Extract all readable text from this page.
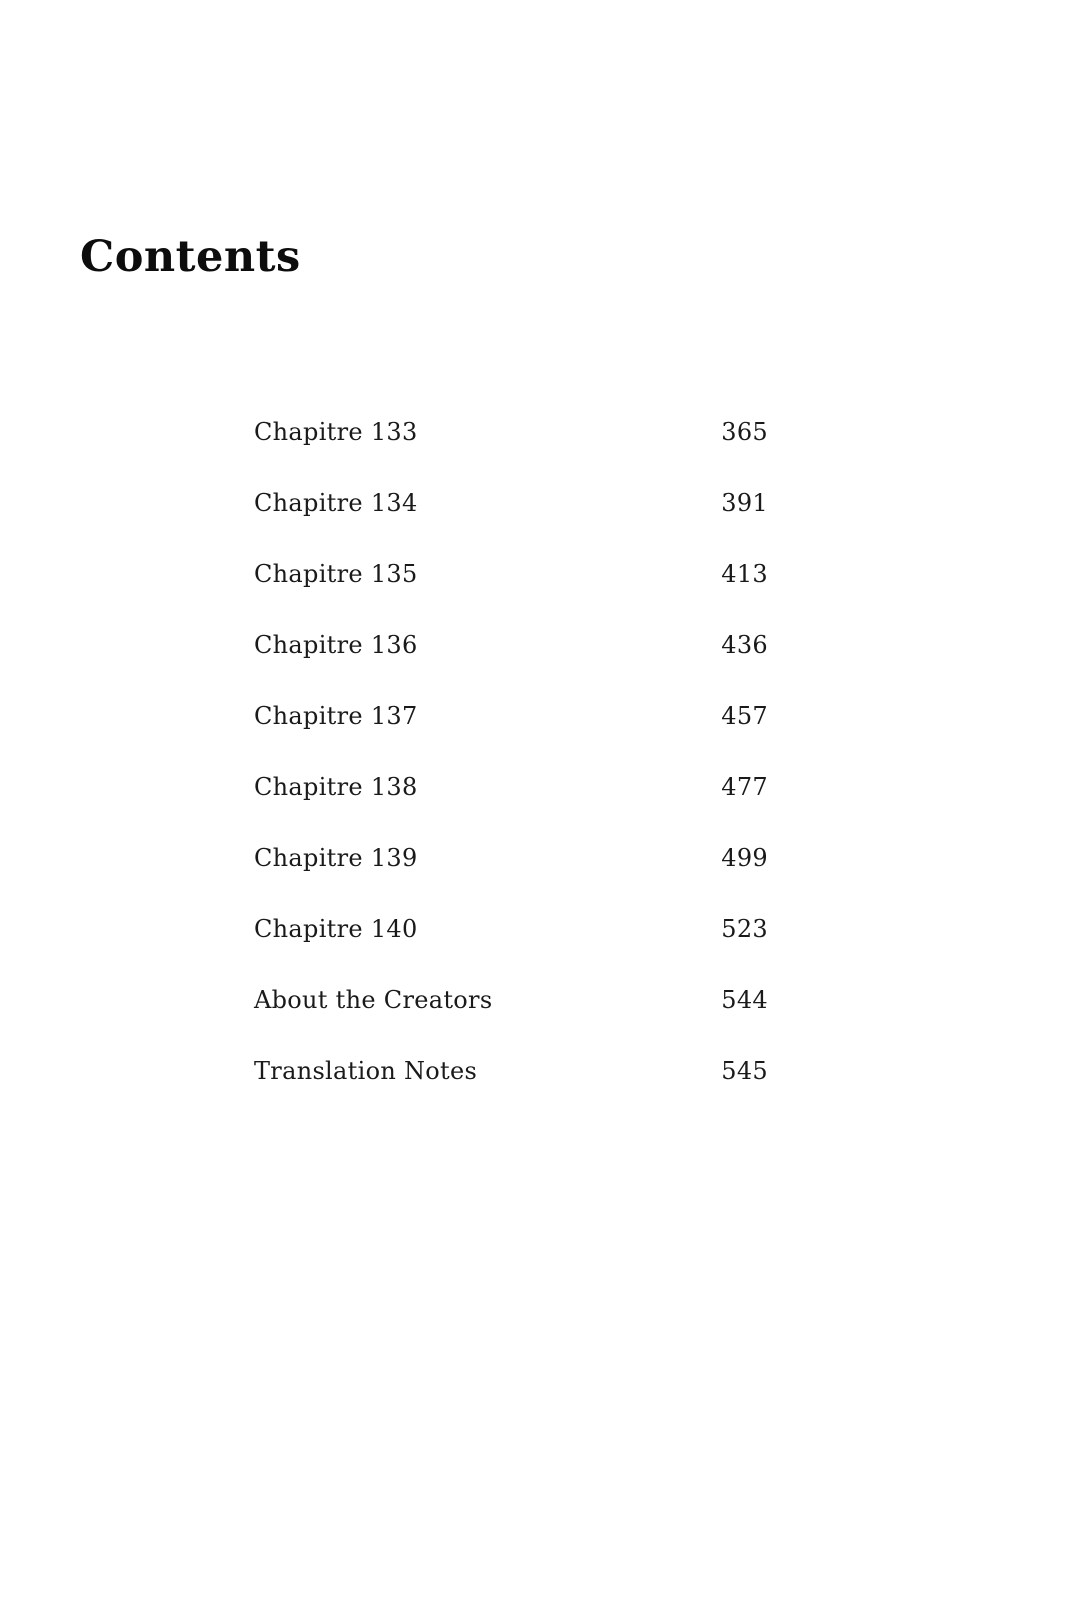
Contents
Chapitre 133	365
Chapitre 134	391
Chapitre 135	413
Chapitre 136	436
Chapitre 137	457
Chapitre 138	477
Chapitre 139	499
Chapitre 140	523
About the Creators	544
Translation Notes	545
